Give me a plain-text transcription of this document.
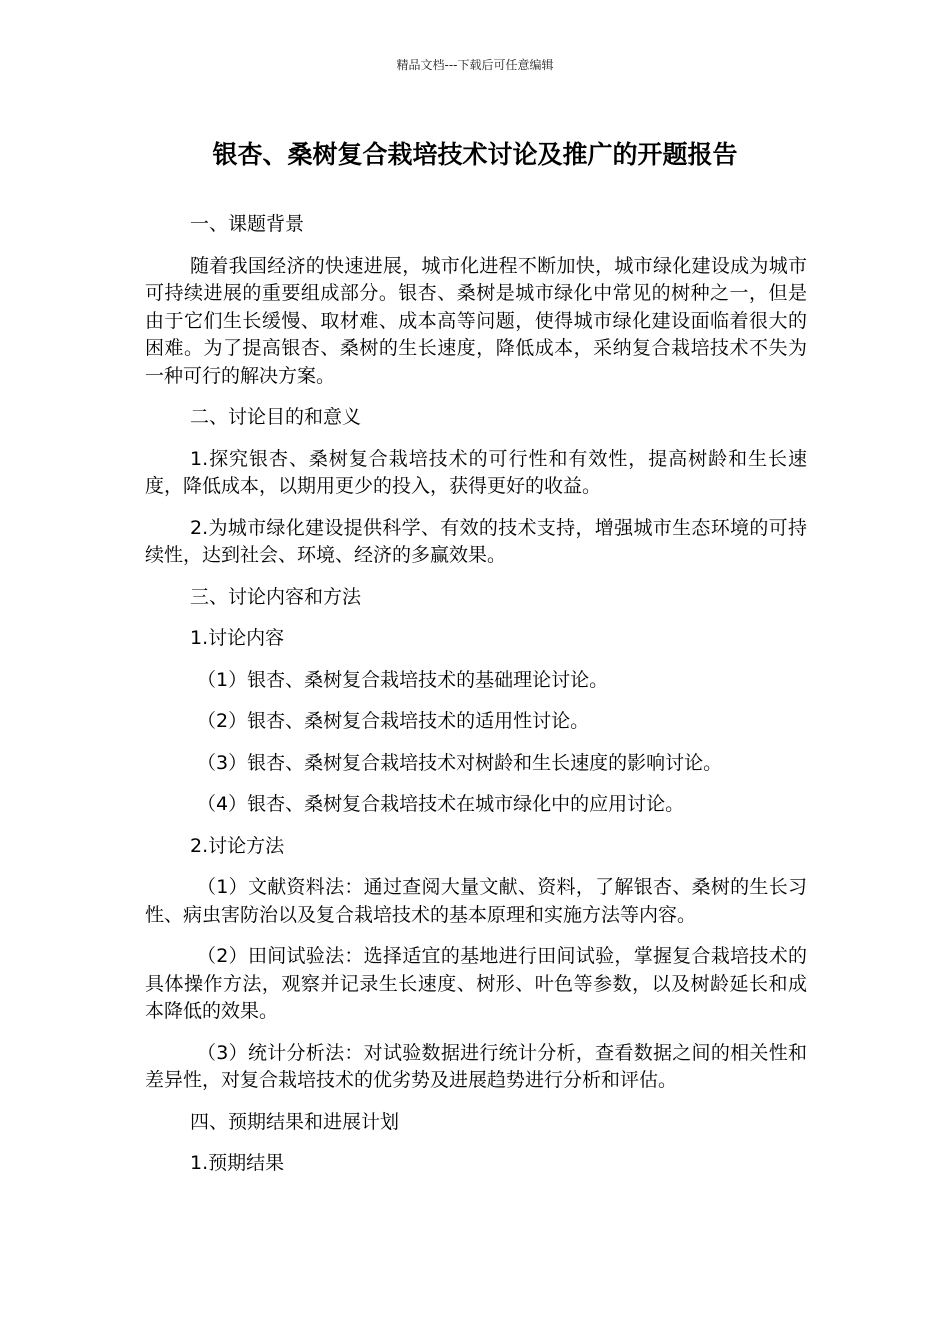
精品文档---下载后可任意编辑
银杏、桑树复合栽培技术讨论及推广的开题报告

一、课题背景

随着我国经济的快速进展，城市化进程不断加快，城市绿化建设成为城市可持续进展的重要组成部分。银杏、桑树是城市绿化中常见的树种之一，但是由于它们生长缓慢、取材难、成本高等问题，使得城市绿化建设面临着很大的困难。为了提高银杏、桑树的生长速度，降低成本，采纳复合栽培技术不失为一种可行的解决方案。

二、讨论目的和意义

1.探究银杏、桑树复合栽培技术的可行性和有效性，提高树龄和生长速度，降低成本，以期用更少的投入，获得更好的收益。

2.为城市绿化建设提供科学、有效的技术支持，增强城市生态环境的可持续性，达到社会、环境、经济的多赢效果。

三、讨论内容和方法

1.讨论内容

（1）银杏、桑树复合栽培技术的基础理论讨论。

（2）银杏、桑树复合栽培技术的适用性讨论。

（3）银杏、桑树复合栽培技术对树龄和生长速度的影响讨论。

（4）银杏、桑树复合栽培技术在城市绿化中的应用讨论。

2.讨论方法

（1）文献资料法：通过查阅大量文献、资料，了解银杏、桑树的生长习性、病虫害防治以及复合栽培技术的基本原理和实施方法等内容。

（2）田间试验法：选择适宜的基地进行田间试验，掌握复合栽培技术的具体操作方法，观察并记录生长速度、树形、叶色等参数，以及树龄延长和成本降低的效果。

（3）统计分析法：对试验数据进行统计分析，查看数据之间的相关性和差异性，对复合栽培技术的优劣势及进展趋势进行分析和评估。

四、预期结果和进展计划

1.预期结果
